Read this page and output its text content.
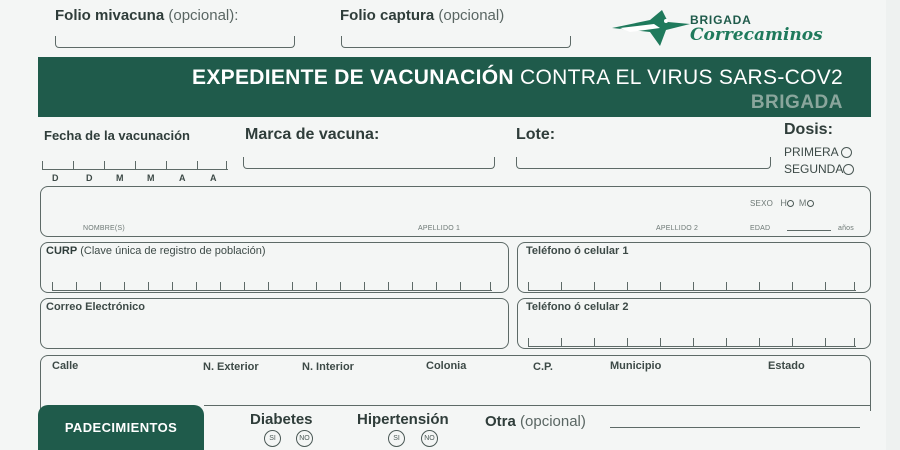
Folio mivacuna (opcional):	Folio captura (opcional)	BRIGADA
Correcaminos
EXPEDIENTE DE VACUNACIÓN CONTRA EL VIRUS SARS-COV2
BRIGADA
Fecha de la vacunación
D	D	M	M	A	A
Marca de vacuna:	Lote:	Dosis:
PRIMERA
SEGUNDA
SEXO H M
NOMBRE(S)	APELLIDO 1	APELLIDO 2	EDAD	años
CURP (Clave única de registro de población)	Teléfono ó celular 1
Correo Electrónico	Teléfono ó celular 2
Calle	N. Exterior	N. Interior	Colonia	C.P.	Municipio	Estado
PADECIMIENTOS	Diabetes
SI	NO
Hipertensión
SI	NO
Otra (opcional)
